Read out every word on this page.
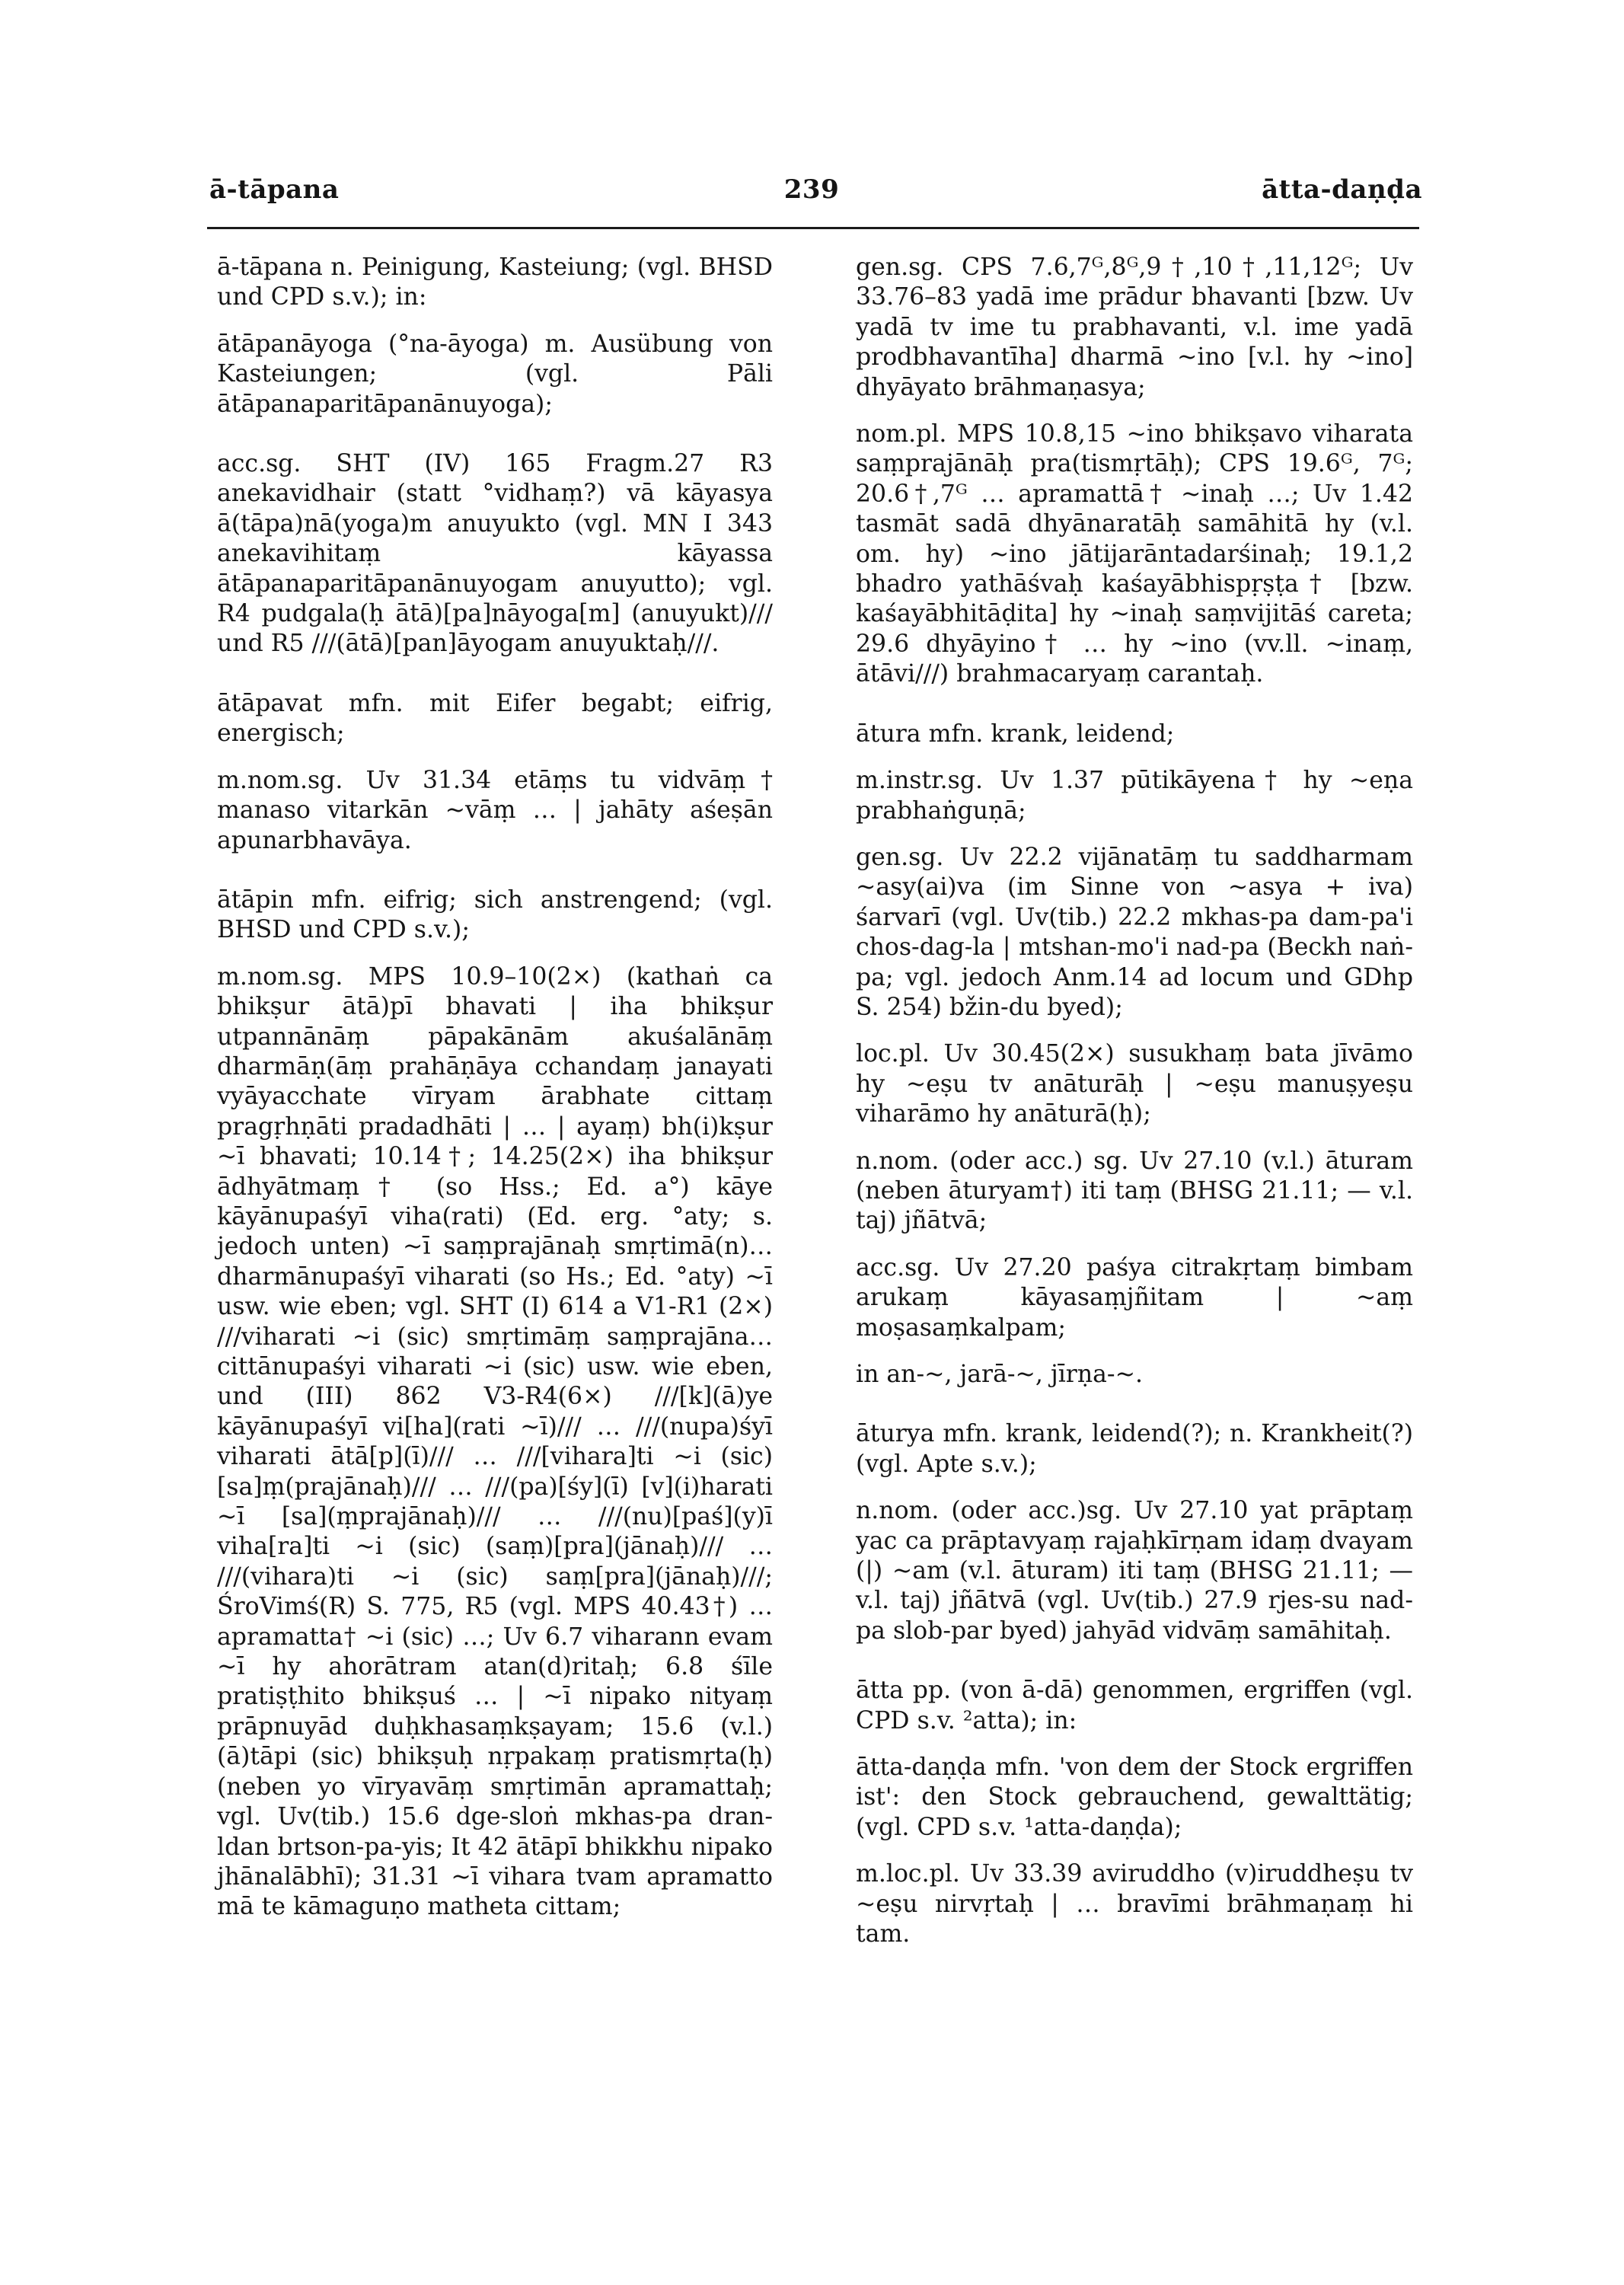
ā-tāpana	239	ātta-daṇḍa

ā-tāpana n. Peinigung, Kasteiung; (vgl. BHSD und CPD s.v.); in:

ātāpanāyoga (°na-āyoga) m. Ausübung von Kasteiungen; (vgl. Pāli ātāpanaparitāpanānuyoga);

acc.sg. SHT (IV) 165 Fragm.27 R3 anekavidhair (statt °vidhaṃ?) vā kāyasya ā(tāpa)nā(yoga)m anuyukto (vgl. MN I 343 anekavihitaṃ kāyassa ātāpanaparitāpanānuyogam anuyutto); vgl. R4 pudgala(ḥ ātā)[pa]nāyoga[m] (anuyukt)/// und R5 ///(ātā)[pan]āyogam anuyuktaḥ///.

ātāpavat mfn. mit Eifer begabt; eifrig, energisch;

m.nom.sg. Uv 31.34 etāṃs tu vidvāṃ† manaso vitarkān ~vāṃ … | jahāty aśeṣān apunarbhavāya.

ātāpin mfn. eifrig; sich anstrengend; (vgl. BHSD und CPD s.v.);

m.nom.sg. MPS 10.9–10(2×) (kathaṅ ca bhikṣur ātā)pī bhavati | iha bhikṣur utpannānāṃ pāpakānām akuśalānāṃ dharmāṇ(āṃ prahāṇāya cchandaṃ janayati vyāyacchate vīryam ārabhate cittaṃ pragṛhṇāti pradadhāti | … | ayaṃ) bh(i)kṣur ~ī bhavati; 10.14†; 14.25(2×) iha bhikṣur ādhyātmaṃ† (so Hss.; Ed. a°) kāye kāyānupaśyī viha(rati) (Ed. erg. °aty; s. jedoch unten) ~ī saṃprajānaḥ smṛtimā(n)… dharmānupaśyī viharati (so Hs.; Ed. °aty) ~ī usw. wie eben; vgl. SHT (I) 614 a V1-R1 (2×) ///viharati ~i (sic) smṛtimāṃ saṃprajāna… cittānupaśyi viharati ~i (sic) usw. wie eben, und (III) 862 V3-R4(6×) ///[k](ā)ye kāyānupaśyī vi[ha](rati ~ī)/// … ///(nupa)śyī viharati ātā[p](ī)/// … ///[vihara]ti ~i (sic) [sa]ṃ(prajānaḥ)/// … ///(pa)[śy](ī) [v](i)harati ~ī [sa](ṃprajānaḥ)/// … ///(nu)[paś](y)ī viha[ra]ti ~i (sic) (saṃ)[pra](jānaḥ)/// … ///(vihara)ti ~i (sic) saṃ[pra](jānaḥ)///; ŚroVimś(R) S. 775, R5 (vgl. MPS 40.43†) … apramatta† ~i (sic) …; Uv 6.7 viharann evam ~ī hy ahorātram atan(d)ritaḥ; 6.8 śīle pratiṣṭhito bhikṣuś … | ~ī nipako nityaṃ prāpnuyād duḥkhasaṃkṣayam; 15.6 (v.l.) (ā)tāpi (sic) bhikṣuḥ nṛpakaṃ pratismṛta(ḥ) (neben yo vīryavāṃ smṛtimān apramattaḥ; vgl. Uv(tib.) 15.6 dge-sloṅ mkhas-pa dran-ldan brtson-pa-yis; It 42 ātāpī bhikkhu nipako jhānalābhī); 31.31 ~ī vihara tvam apramatto mā te kāmaguṇo matheta cittam;

gen.sg. CPS 7.6,7ᴳ,8ᴳ,9†,10†,11,12ᴳ; Uv 33.76–83 yadā ime prādur bhavanti [bzw. Uv yadā tv ime tu prabhavanti, v.l. ime yadā prodbhavantīha] dharmā ~ino [v.l. hy ~ino] dhyāyato brāhmaṇasya;

nom.pl. MPS 10.8,15 ~ino bhikṣavo viharata saṃprajānāḥ pra(tismṛtāḥ); CPS 19.6ᴳ, 7ᴳ; 20.6†,7ᴳ … apramattā† ~inaḥ …; Uv 1.42 tasmāt sadā dhyānaratāḥ samāhitā hy (v.l. om. hy) ~ino jātijarāntadarśinaḥ; 19.1,2 bhadro yathāśvaḥ kaśayābhispṛṣṭa† [bzw. kaśayābhitāḍita] hy ~inaḥ saṃvijitāś careta; 29.6 dhyāyino† … hy ~ino (vv.ll. ~inaṃ, ātāvi///) brahmacaryaṃ carantaḥ.

ātura mfn. krank, leidend;

m.instr.sg. Uv 1.37 pūtikāyena† hy ~eṇa prabhaṅguṇā;

gen.sg. Uv 22.2 vijānatāṃ tu saddharmam ~asy(ai)va (im Sinne von ~asya + iva) śarvarī (vgl. Uv(tib.) 22.2 mkhas-pa dam-pa'i chos-dag-la | mtshan-mo'i nad-pa (Beckh naṅ-pa; vgl. jedoch Anm.14 ad locum und GDhp S. 254) bžin-du byed);

loc.pl. Uv 30.45(2×) susukhaṃ bata jīvāmo hy ~eṣu tv anāturāḥ | ~eṣu manuṣyeṣu viharāmo hy anāturā(ḥ);

n.nom. (oder acc.) sg. Uv 27.10 (v.l.) āturam (neben āturyam†) iti taṃ (BHSG 21.11; — v.l. taj) jñātvā;

acc.sg. Uv 27.20 paśya citrakṛtaṃ bimbam arukaṃ kāyasaṃjñitam | ~aṃ moṣasaṃkalpam;

in an-~, jarā-~, jīrṇa-~.

āturya mfn. krank, leidend(?); n. Krankheit(?) (vgl. Apte s.v.);

n.nom. (oder acc.)sg. Uv 27.10 yat prāptaṃ yac ca prāptavyaṃ rajaḥkīrṇam idaṃ dvayam (|) ~am (v.l. āturam) iti taṃ (BHSG 21.11; — v.l. taj) jñātvā (vgl. Uv(tib.) 27.9 rjes-su nad-pa slob-par byed) jahyād vidvāṃ samāhitaḥ.

ātta pp. (von ā-dā) genommen, ergriffen (vgl. CPD s.v. ²atta); in:

ātta-daṇḍa mfn. 'von dem der Stock ergriffen ist': den Stock gebrauchend, gewalttätig; (vgl. CPD s.v. ¹atta-daṇḍa);

m.loc.pl. Uv 33.39 aviruddho (v)iruddheṣu tv ~eṣu nirvṛtaḥ | … bravīmi brāhmaṇaṃ hi tam.
